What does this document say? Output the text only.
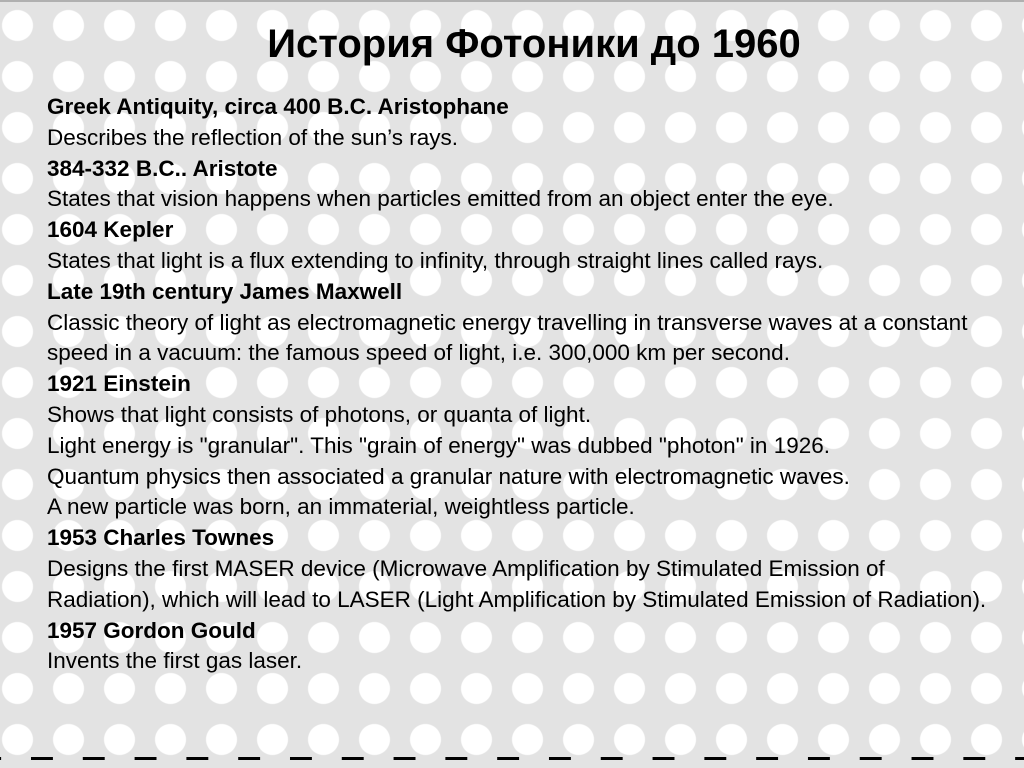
История Фотоники до 1960

Greek Antiquity, circa 400 B.C. Aristophane

Describes the reflection of the sun’s rays.

384-332 B.C.. Aristote

States that vision happens when particles emitted from an object enter the eye.

1604 Kepler

States that light is a flux extending to infinity, through straight lines called rays.

Late 19th century James Maxwell

Classic theory of light as electromagnetic energy travelling in transverse waves at a constant speed in a vacuum: the famous speed of light, i.e. 300,000 km per second.

1921 Einstein

Shows that light consists of photons, or quanta of light.

Light energy is "granular". This "grain of energy" was dubbed "photon" in 1926.

Quantum physics then associated a granular nature with electromagnetic waves.

A new particle was born, an immaterial, weightless particle.

1953 Charles Townes

Designs the first MASER device (Microwave Amplification by Stimulated Emission of Radiation), which will lead to LASER (Light Amplification by Stimulated Emission of Radiation).

1957 Gordon Gould

Invents the first gas laser.
